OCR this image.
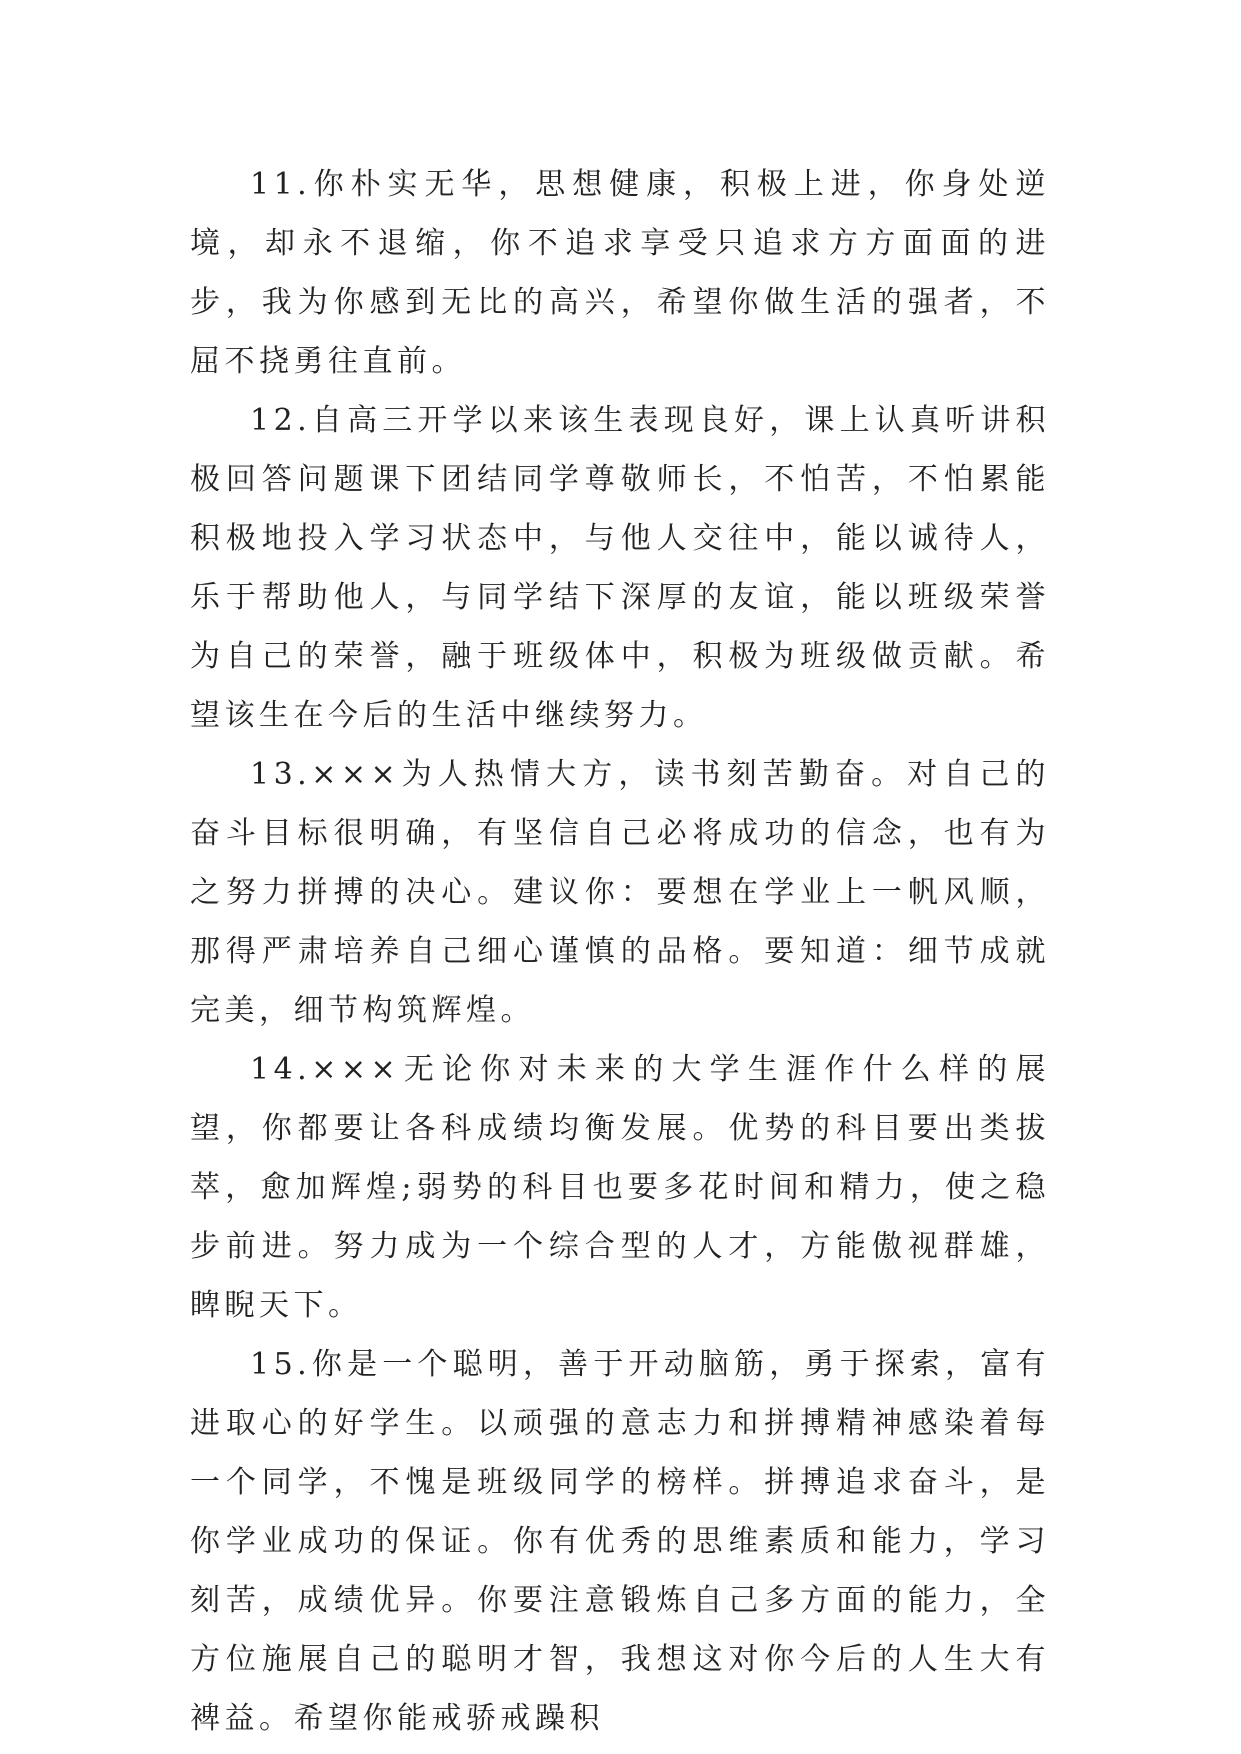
11.你朴实无华，思想健康，积极上进，你身处逆境，却永不退缩，你不追求享受只追求方方面面的进步，我为你感到无比的高兴，希望你做生活的强者，不屈不挠勇往直前。

12.自高三开学以来该生表现良好，课上认真听讲积极回答问题课下团结同学尊敬师长，不怕苦，不怕累能积极地投入学习状态中，与他人交往中，能以诚待人，乐于帮助他人，与同学结下深厚的友谊，能以班级荣誉为自己的荣誉，融于班级体中，积极为班级做贡献。希望该生在今后的生活中继续努力。

13.×××为人热情大方，读书刻苦勤奋。对自己的奋斗目标很明确，有坚信自己必将成功的信念，也有为之努力拼搏的决心。建议你：要想在学业上一帆风顺，那得严肃培养自己细心谨慎的品格。要知道：细节成就完美，细节构筑辉煌。

14.×××无论你对未来的大学生涯作什么样的展望，你都要让各科成绩均衡发展。优势的科目要出类拔萃，愈加辉煌;弱势的科目也要多花时间和精力，使之稳步前进。努力成为一个综合型的人才，方能傲视群雄，睥睨天下。

15.你是一个聪明，善于开动脑筋，勇于探索，富有进取心的好学生。以顽强的意志力和拼搏精神感染着每一个同学，不愧是班级同学的榜样。拼搏追求奋斗，是你学业成功的保证。你有优秀的思维素质和能力，学习刻苦，成绩优异。你要注意锻炼自己多方面的能力，全方位施展自己的聪明才智，我想这对你今后的人生大有裨益。希望你能戒骄戒躁积
